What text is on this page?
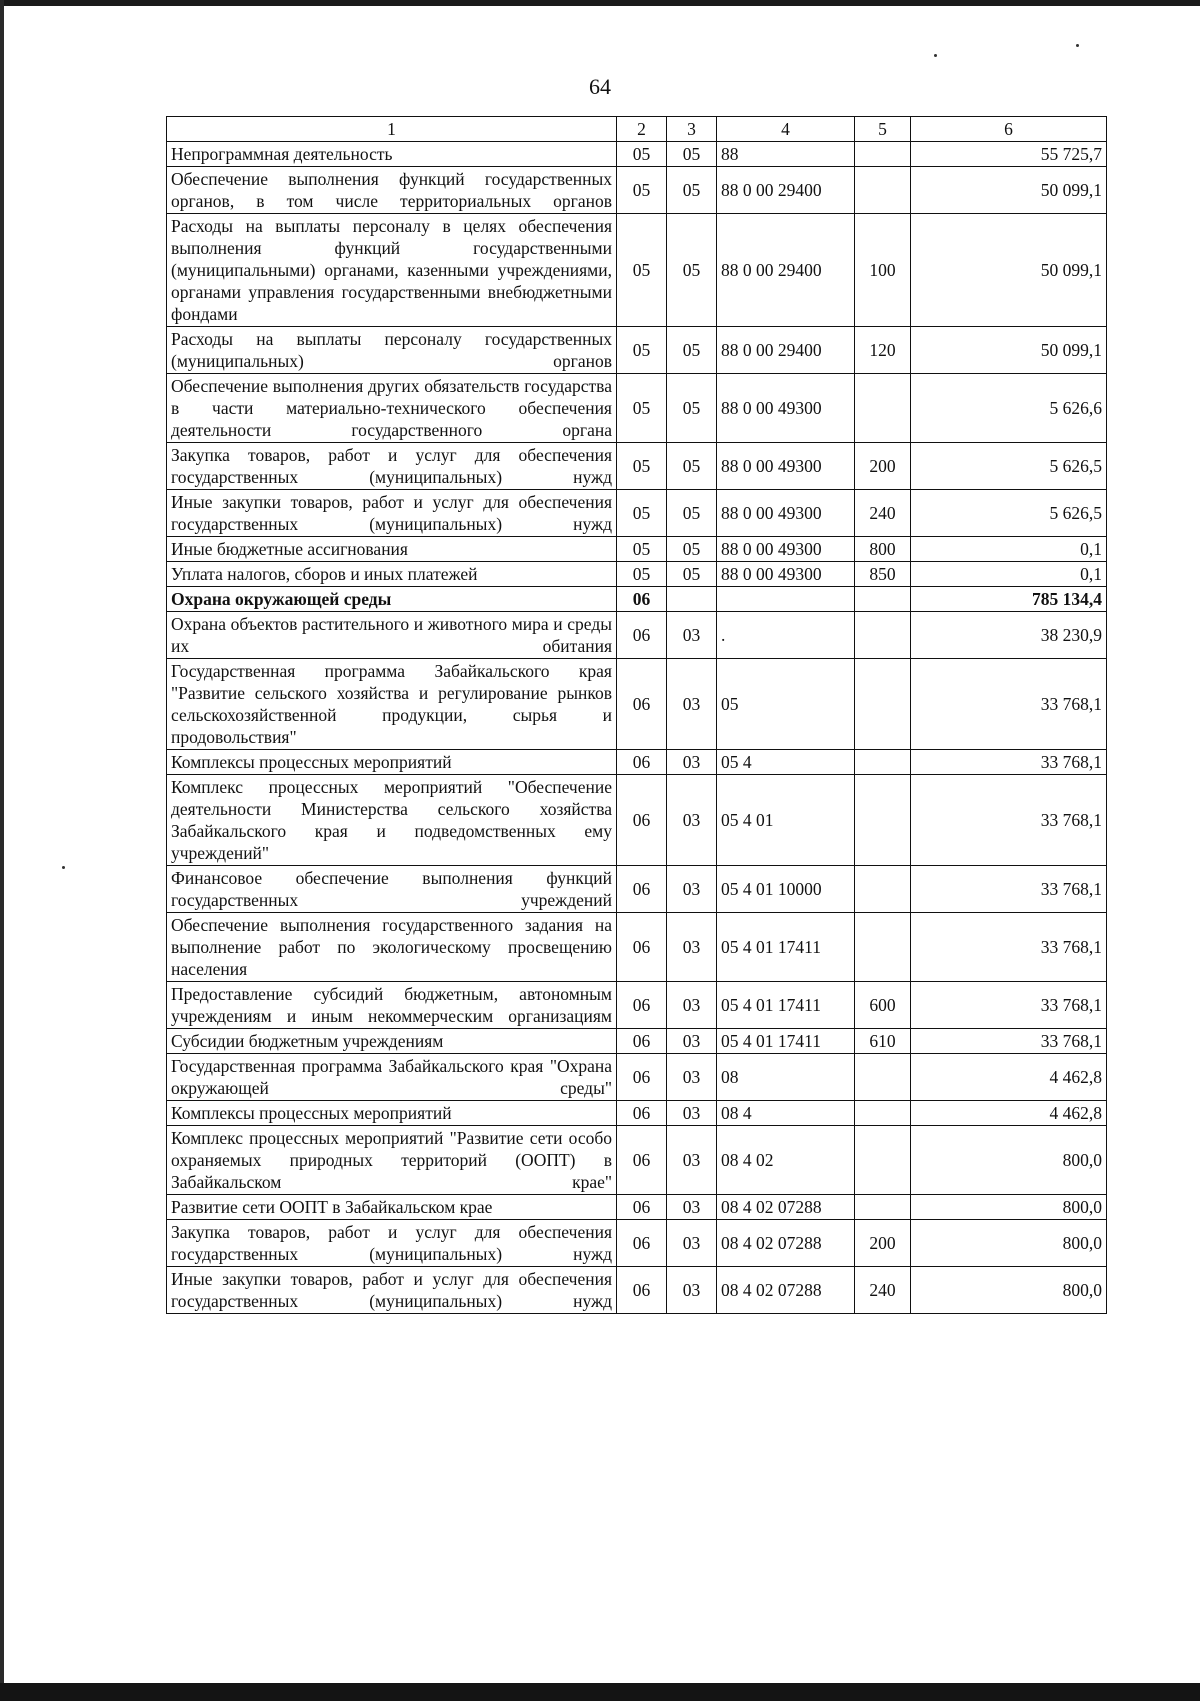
64
1	2	3	4	5	6
Непрограммная деятельность	05	05	88		55 725,7
Обеспечение выполнения функций государственных органов, в том числе территориальных органов	05	05	88 0 00 29400		50 099,1
Расходы на выплаты персоналу в целях обеспечения выполнения функций государственными (муниципальными) органами, казенными учреждениями, органами управления государственными внебюджетными фондами	05	05	88 0 00 29400	100	50 099,1
Расходы на выплаты персоналу государственных (муниципальных) органов	05	05	88 0 00 29400	120	50 099,1
Обеспечение выполнения других обязательств государства в части материально-технического обеспечения деятельности государственного органа	05	05	88 0 00 49300		5 626,6
Закупка товаров, работ и услуг для обеспечения государственных (муниципальных) нужд	05	05	88 0 00 49300	200	5 626,5
Иные закупки товаров, работ и услуг для обеспечения государственных (муниципальных) нужд	05	05	88 0 00 49300	240	5 626,5
Иные бюджетные ассигнования	05	05	88 0 00 49300	800	0,1
Уплата налогов, сборов и иных платежей	05	05	88 0 00 49300	850	0,1
Охрана окружающей среды	06				785 134,4
Охрана объектов растительного и животного мира и среды их обитания	06	03	.		38 230,9
Государственная программа Забайкальского края "Развитие сельского хозяйства и регулирование рынков сельскохозяйственной продукции, сырья и продовольствия"	06	03	05		33 768,1
Комплексы процессных мероприятий	06	03	05 4		33 768,1
Комплекс процессных мероприятий "Обеспечение деятельности Министерства сельского хозяйства Забайкальского края и подведомственных ему учреждений"	06	03	05 4 01		33 768,1
Финансовое обеспечение выполнения функций государственных учреждений	06	03	05 4 01 10000		33 768,1
Обеспечение выполнения государственного задания на выполнение работ по экологическому просвещению населения	06	03	05 4 01 17411		33 768,1
Предоставление субсидий бюджетным, автономным учреждениям и иным некоммерческим организациям	06	03	05 4 01 17411	600	33 768,1
Субсидии бюджетным учреждениям	06	03	05 4 01 17411	610	33 768,1
Государственная программа Забайкальского края "Охрана окружающей среды"	06	03	08		4 462,8
Комплексы процессных мероприятий	06	03	08 4		4 462,8
Комплекс процессных мероприятий "Развитие сети особо охраняемых природных территорий (ООПТ) в Забайкальском крае"	06	03	08 4 02		800,0
Развитие сети ООПТ в Забайкальском крае	06	03	08 4 02 07288		800,0
Закупка товаров, работ и услуг для обеспечения государственных (муниципальных) нужд	06	03	08 4 02 07288	200	800,0
Иные закупки товаров, работ и услуг для обеспечения государственных (муниципальных) нужд	06	03	08 4 02 07288	240	800,0
